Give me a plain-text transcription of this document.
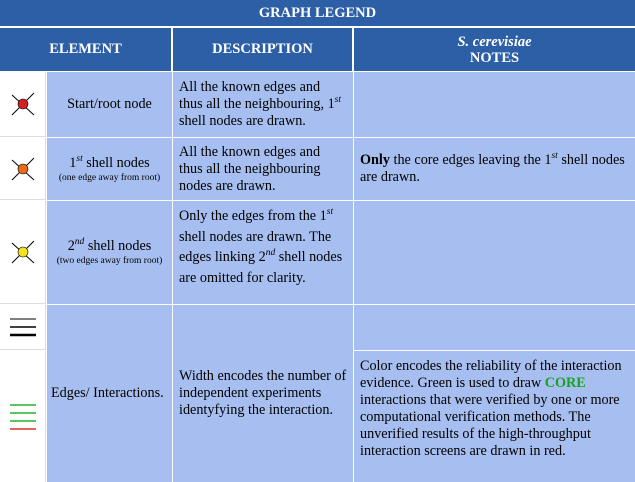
GRAPH LEGEND
ELEMENT	DESCRIPTION	S. cerevisiae
NOTES
Start/root node
All the known edges and thus all the neighbouring, 1st shell nodes are drawn.
1st shell nodes
(one edge away from root)
All the known edges and thus all the neighbouring nodes are drawn.
Only the core edges leaving the 1st shell nodes are drawn.
2nd shell nodes
(two edges away from root)
Only the edges from the 1st shell nodes are drawn. The edges linking 2nd shell nodes are omitted for clarity.
Edges/ Interactions.
Width encodes the number of independent experiments identyfying the interaction.
Color encodes the reliability of the interaction evidence. Green is used to draw CORE interactions that were verified by one or more computational verification methods. The unverified results of the high-throughput interaction screens are drawn in red.
